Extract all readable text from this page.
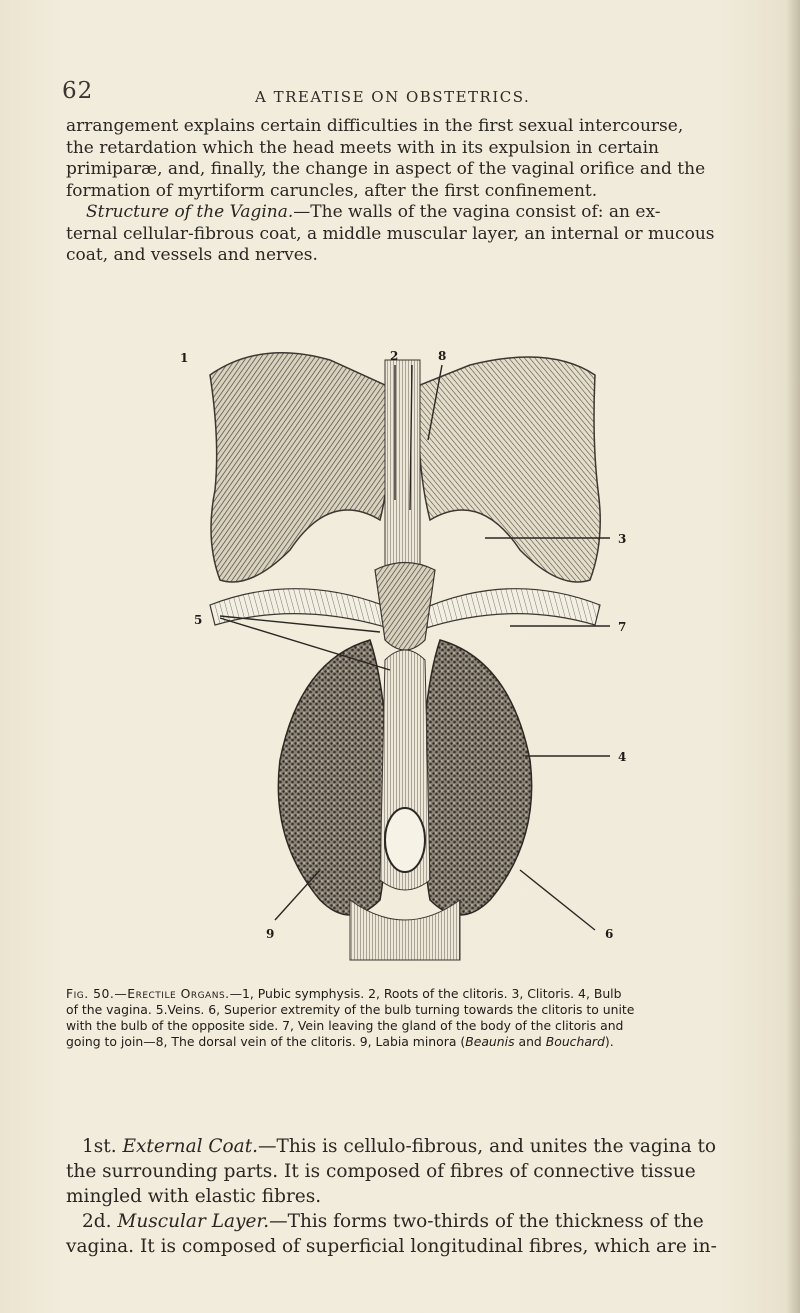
62	A TREATISE ON OBSTETRICS.
arrangement explains certain difficulties in the first sexual intercourse,
the retardation which the head meets with in its expulsion in certain
primiparæ, and, finally, the change in aspect of the vaginal orifice and the
formation of myrtiform caruncles, after the first confinement.
Structure of the Vagina.—The walls of the vagina consist of: an ex-
ternal cellular-fibrous coat, a middle muscular layer, an internal or mucous
coat, and vessels and nerves.
1	2
3
4
5
6
7
8
9
Fig. 50.—Erectile Organs.—1, Pubic symphysis. 2, Roots of the clitoris. 3, Clitoris. 4, Bulb
of the vagina. 5.Veins. 6, Superior extremity of the bulb turning towards the clitoris to unite
with the bulb of the opposite side. 7, Vein leaving the gland of the body of the clitoris and
going to join—8, The dorsal vein of the clitoris. 9, Labia minora (Beaunis and Bouchard).
1st. External Coat.—This is cellulo-fibrous, and unites the vagina to
the surrounding parts. It is composed of fibres of connective tissue
mingled with elastic fibres.
2d. Muscular Layer.—This forms two-thirds of the thickness of the
vagina. It is composed of superficial longitudinal fibres, which are in-
